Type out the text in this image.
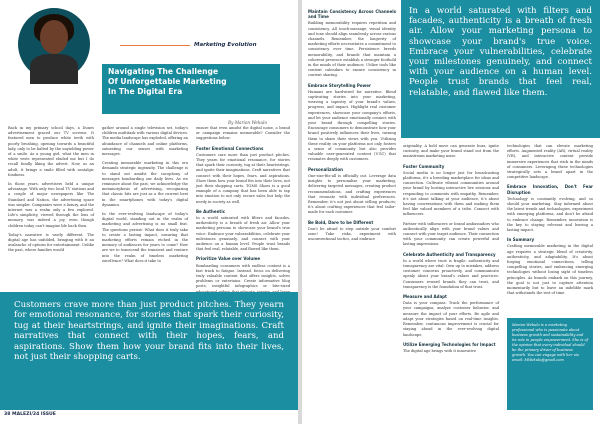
Marketing Evolution
Navigating The Challenge
Of Unforgettable Marketing
In The Digital Era
By Marion Wekulo

Back in my primary school days, a Dunes advertisement graced our TV screens. It featured men to produce white teeth with poorly brushing, opening towards a beautiful lady, only to be halted by the unyielding power of a smile. As a young girl, what the men in white vests represented eluded me but I do recall fondly liking the advert. Now, as an adult, it brings a smile filled with nostalgic fondness.

In those years, advertisers held a unique advantage. With only two local TV stations and a couple of major newspapers like The Standard and Nation, the advertising space was simpler. Companies were a luxury, and the internet was a realm only a few explored. Life's simplicity, viewed through the lens of memory, was indeed a joy, even though children today can't imagine life back then.

Today's narrative is vastly different. The digital age has unfolded, bringing with it an avalanche of options for entertainment. Unlike the past, where families would

gather around a single television set, today's children multitask with various digital devices. The media landscape has exploded, offering an abundance of channels and online platforms, saturating our senses with marketing messages.

Creating memorable marketing in this era demands strategic ingenuity. The challenge is to stand out amidst the cacophony of messages bombarding our daily lives. As we reminisce about the past, we acknowledge the metamorphosis of advertising, recognizing that classic hits are just as a the current best in the smartphones with today's digital dynamics.

In the ever-evolving landscape of today's digital world, standing out in the realm of marketing and advertising is no small feat. The questions persist: What does it truly take to create a lasting impact, ensuring that marketing efforts remain etched in the memory of audiences for years to come? How are we to transcend the transient and venture into the realm of timeless marketing excellence? What does it take to

ensure that even amidst the digital noise, a brand or campaign remains memorable? Consider the suggestions below:

Foster Emotional Connections

Customers care more than just product pitches. They yearn for emotional resonance, for stories that spark their curiosity, tug at their heartstrings, and ignite their imaginations. Craft narratives that connect with their hopes, fears, and aspirations. Show them how your brand fits into their lives, not just their shopping carts. TOMS Shoes is a good example of a company that has been able to tap into emotion to not only secure sales but help the needy in society as well.

Be Authentic

In a world saturated with filters and facades, authenticity is a breath of fresh air. Allow your marketing persona to showcase your brand's true voice. Embrace your vulnerabilities, celebrate your milestones genuinely, and connect with your audience on a human level. People trust brands that feel real, relatable, and flawed like them.

Prioritize Value over Volume

Bombarding consumers with endless content is a fast track to fatigue. Instead, focus on delivering truly valuable content that offers insights, solves problems or entertains. Create informative blog posts, insightful infographics or bite-sized

Customers crave more than just product pitches. They yearn for emotional resonance, for stories that spark their curiosity, tug at their heartstrings, and ignite their imaginations. Craft narratives that connect with their hopes, fears, and aspirations. Show them how your brand fits into their lives, not just their shopping carts.
38 MALEZI/24 ISSUE
Maintain Consistency Across Channels and Time

Building memorability requires repetition and consistency. All touch-message, visual identity and tone should align seamlessly across various channels. Remember, the longevity of marketing efforts necessitates a commitment to consistency over time. Persistence breeds memorability, and brands that maintain a coherent presence establish a stronger foothold in the minds of their audience. Utilize tools like content calendars to ensure consistency in content sharing.

Embrace Storytelling Power

Humans are hardwired for narrative. Blend captivating stories into your marketing, weaving a tapestry of your brand's values, progress, and impact. Highlight real customer experiences, showcase your company's efforts, and let your audience emotionally connect with your brand through compelling stories. Encourage consumers to demonstrate how your brand positively influences their lives, turning them to share their views with you. Utilizing these reality on your platforms not only fosters a sense of community but also provides valuable user-generated content (UGC) that resonates deeply with customers.

Personalization

One-size-fits-all is officially out. Leverage data insights to personalize your marketing, delivering targeted messages, creating product recommendations, and crafting experiences that resonate with individual preferences. Remember, it's not just about selling products; it's about crafting experiences that feel tailor-made for each customer.

Be Bold, Dare to be Different

Don't be afraid to step outside your comfort zone! Take risks, experiment with unconventional tactics, and embrace

In a world saturated with filters and facades, authenticity is a breath of fresh air. Allow your marketing persona to showcase your brand's true voice. Embrace your vulnerabilities, celebrate your milestones genuinely, and connect with your audience on a human level. People trust brands that feel real, relatable, and flawed like them.

originality. A bold move can generate buzz, ignite curiosity, and make your brand stand out from the mainstream marketing noise.

Foster Community

Social media is no longer just for broadcasting platforms, it's a breeding marketplace for ideas and connection. Cultivate vibrant communities around your brand by hosting interactive live sessions and responding to comments with empathy. Remember, it's not about talking at your audience, it's about having conversations with them and making them feel like valued members of a tribe. Connect with influencers.

Partner with influencers or brand ambassadors who authentically align with your brand values and connect with your target audience. Their connection with your community can create powerful and lasting impressions.

Celebrate Authenticity and Transparency

In a world where trust is fragile, authenticity and transparency are vital. Own up to mistakes, address customer concerns proactively, and communicate openly about your brand's values and practices. Consumers reward brands they can trust, and transparency is the foundation of that trust.

Measure and Adapt

Data is your compass. Track the performance of your campaigns, analyze customer behavior, and measure the impact of your efforts. Be agile and adapt your strategies based on real-time insights. Remember, continuous improvement is crucial for staying ahead in the ever-evolving digital landscape.

Utilize Emerging Technologies for Impact

The digital age brings with it innovative

technologies that can elevate marketing efforts. Augmented reality (AR), virtual reality (VR), and interactive content provide immersive experiences that stick in the minds of consumers. Leveraging these technologies strategically sets a brand apart in the competitive landscape.

Embrace Innovation, Don't Fear Disruption

Technology is constantly evolving, and so should your marketing. Stay informed about the latest trends and technologies, experiment with emerging platforms, and don't be afraid to embrace change. Remember, innovation is the key to staying relevant and leaving a lasting impact.

In Summary

Crafting memorable marketing in the digital age requires a strategic blend of creativity, authenticity, and adaptability. It's about forging emotional connections, telling compelling stories, and embracing emerging technologies without losing sight of timeless principles. As brands embark on this journey, the goal is not just to capture attention momentarily but to leave an indelible mark that withstands the test of time.

Marion Wekulo is a marketing professional who is passionate about business growth and sustainability and its role in people empowerment. She is of the opinion that every individual should be the primary driver of business growth. You can engage with her via email: MWekulo@gmail.com
